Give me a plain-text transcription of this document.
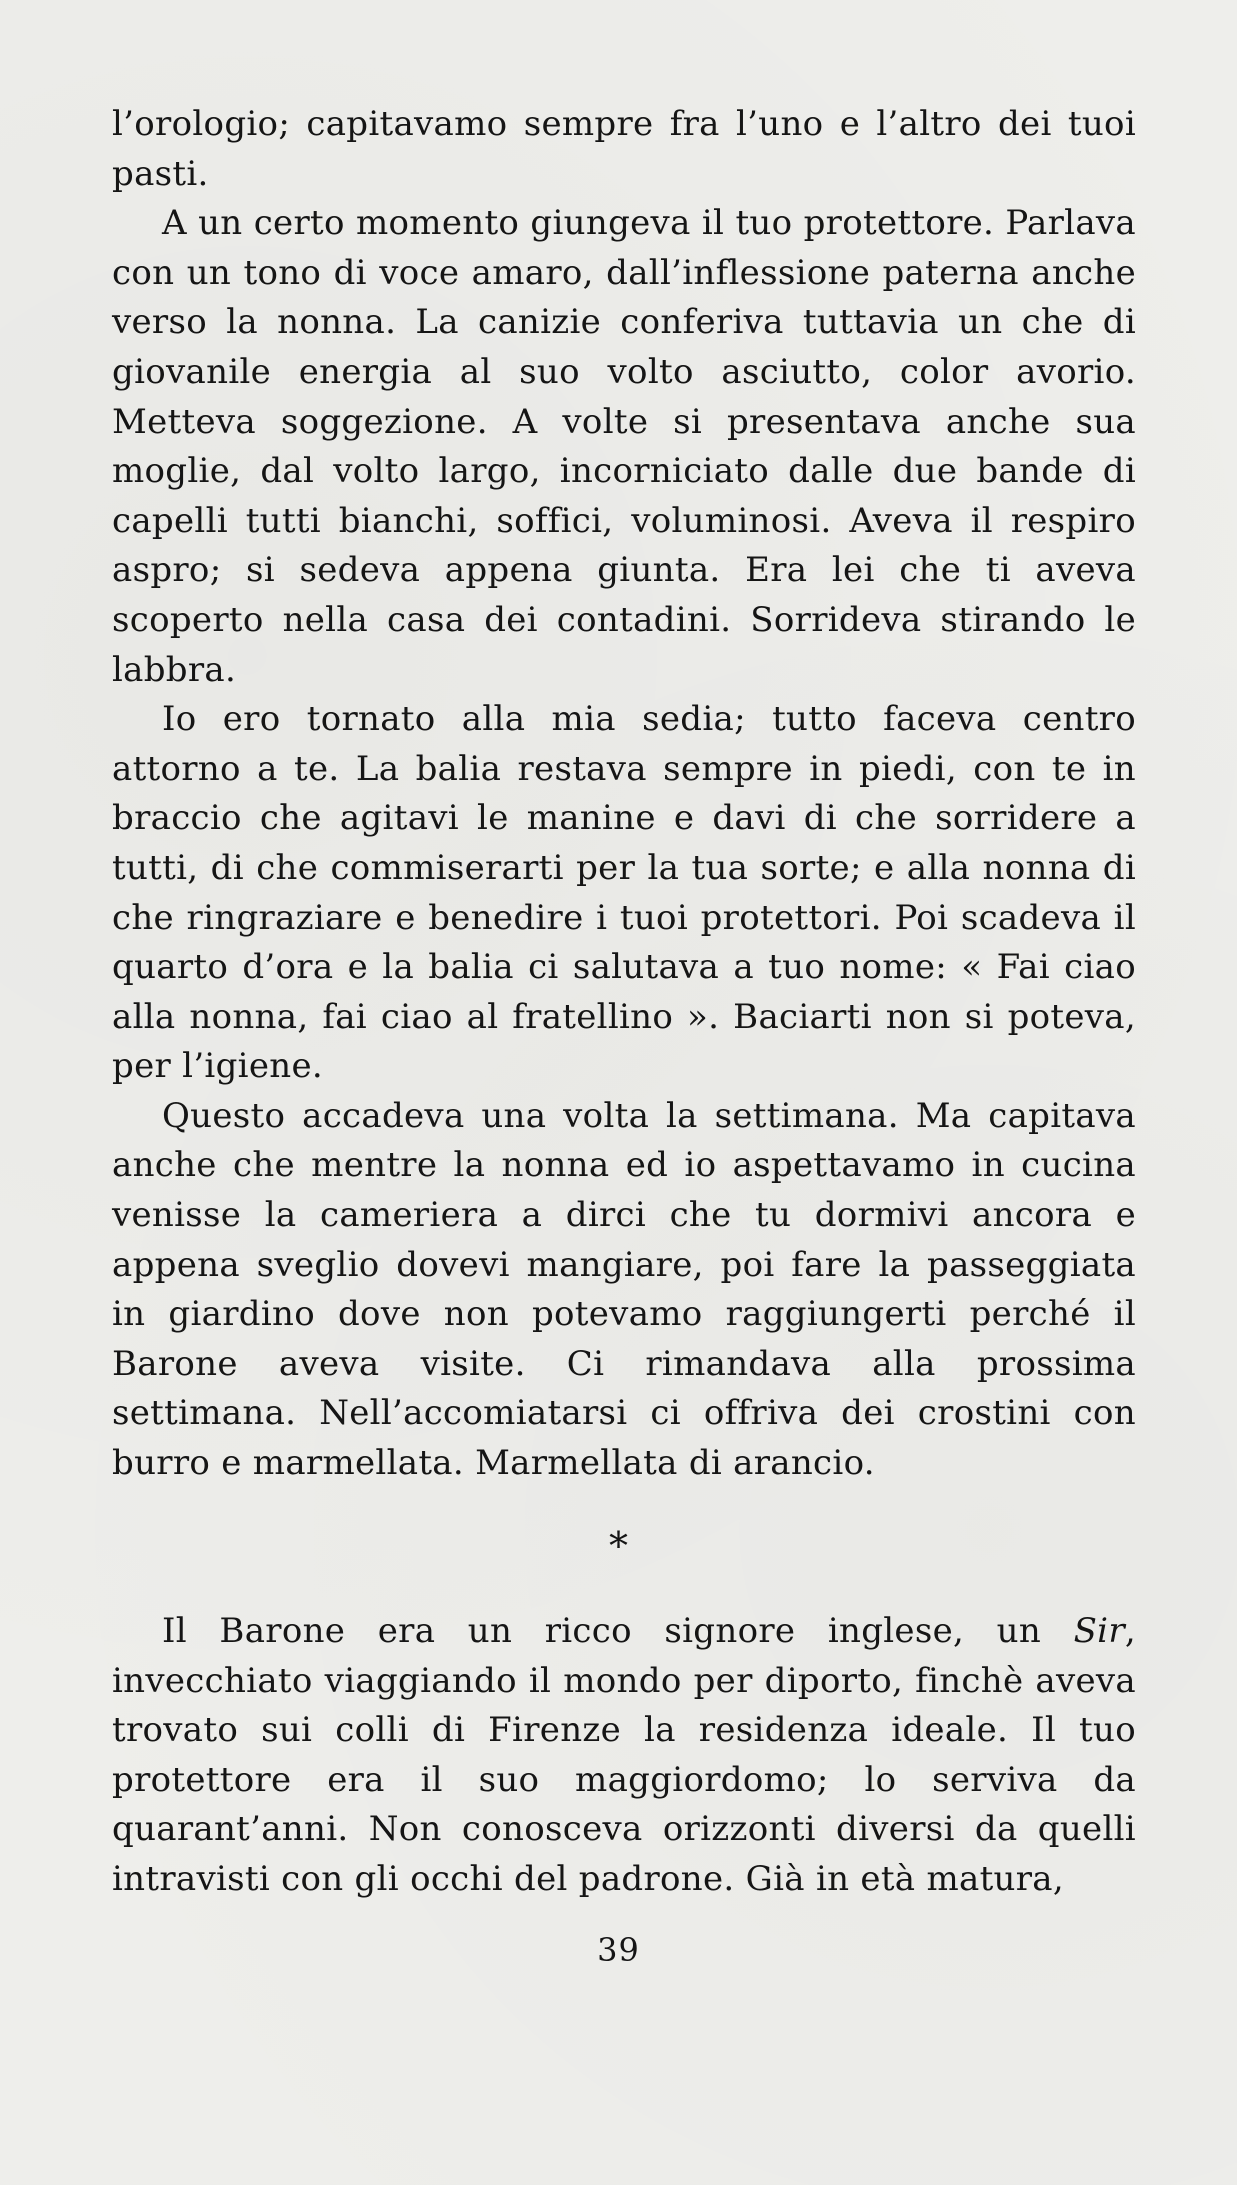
l’orologio; capitavamo sempre fra l’uno e l’altro dei tuoi pasti.

A un certo momento giungeva il tuo protettore. Parlava con un tono di voce amaro, dall’inflessione paterna anche verso la nonna. La canizie conferiva tuttavia un che di giovanile energia al suo volto asciutto, color avorio. Metteva soggezione. A volte si presentava anche sua moglie, dal volto largo, incorniciato dalle due bande di capelli tutti bianchi, soffici, voluminosi. Aveva il respiro aspro; si sedeva appena giunta. Era lei che ti aveva scoperto nella casa dei contadini. Sorrideva stirando le labbra.

Io ero tornato alla mia sedia; tutto faceva centro attorno a te. La balia restava sempre in piedi, con te in braccio che agitavi le manine e davi di che sorridere a tutti, di che commiserarti per la tua sorte; e alla nonna di che ringraziare e benedire i tuoi protettori. Poi scadeva il quarto d’ora e la balia ci salutava a tuo nome: « Fai ciao alla nonna, fai ciao al fratellino ». Baciarti non si poteva, per l’igiene.

Questo accadeva una volta la settimana. Ma capitava anche che mentre la nonna ed io aspettavamo in cucina venisse la cameriera a dirci che tu dormivi ancora e appena sveglio dovevi mangiare, poi fare la passeggiata in giardino dove non potevamo raggiungerti perché il Barone aveva visite. Ci rimandava alla prossima settimana. Nell’accomiatarsi ci offriva dei crostini con burro e marmellata. Marmellata di arancio.

*

Il Barone era un ricco signore inglese, un Sir, invecchiato viaggiando il mondo per diporto, finchè aveva trovato sui colli di Firenze la residenza ideale. Il tuo protettore era il suo maggiordomo; lo serviva da quarant’anni. Non conosceva orizzonti diversi da quelli intravisti con gli occhi del padrone. Già in età matura,

39
